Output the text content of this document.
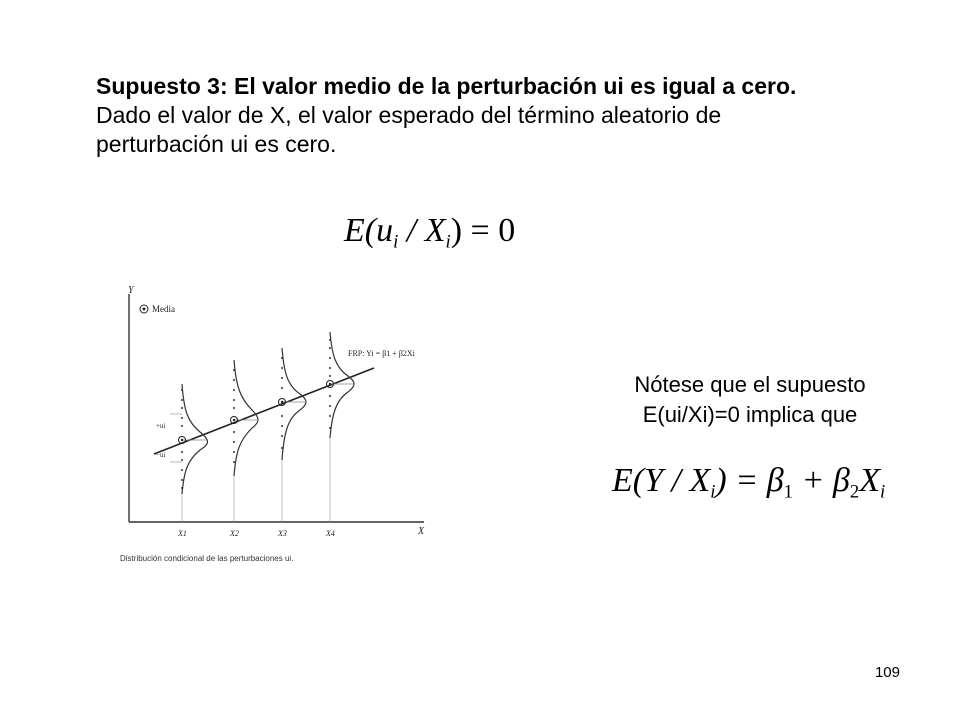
Supuesto 3: El valor medio de la perturbación ui es igual a cero.
Dado el valor de X, el valor esperado del término aleatorio de perturbación ui es cero.
$E(u_i / X_i) = 0$
Y
X
Media
FRP: Yi = β1 + β2Xi
+ui
−ui
X1	X2	X3	X4
Distribución condicional de las perturbaciones ui.
Nótese que el supuesto
E(ui/Xi)=0 implica que
$E(Y / X_i) = \beta_1 + \beta_2X_i$
109
